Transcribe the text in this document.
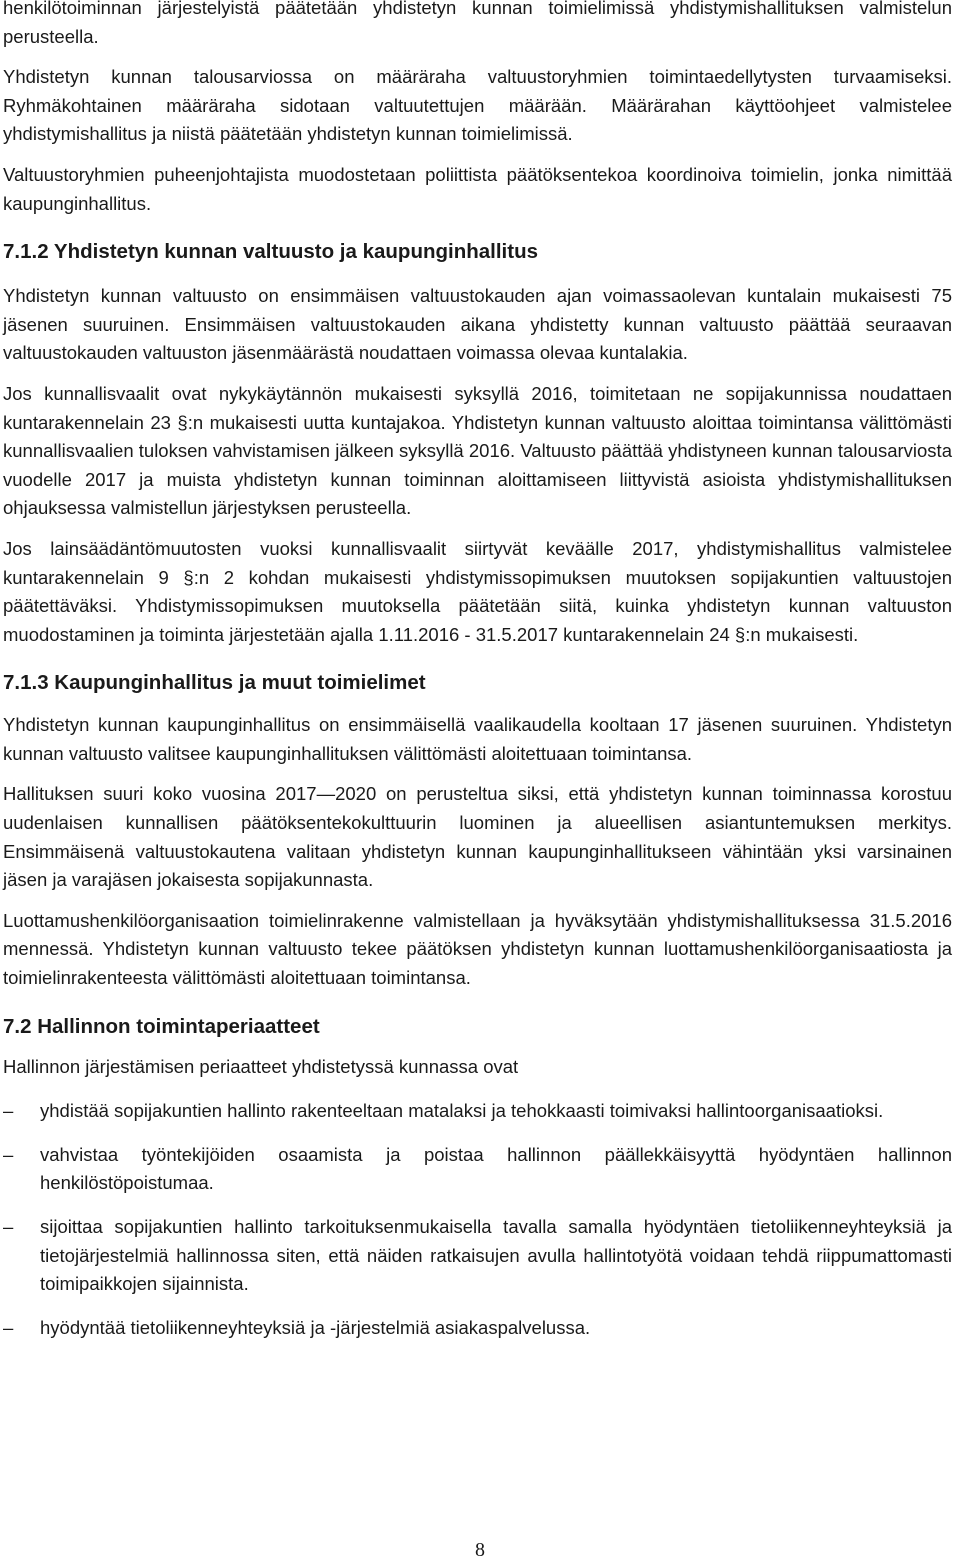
henkilötoiminnan järjestelyistä päätetään yhdistetyn kunnan toimielimissä yhdistymishallituksen valmistelun perusteella.

Yhdistetyn kunnan talousarviossa on määräraha valtuustoryhmien toimintaedellytysten turvaamiseksi. Ryhmäkohtainen määräraha sidotaan valtuutettujen määrään. Määrärahan käyttöohjeet valmistelee yhdistymishallitus ja niistä päätetään yhdistetyn kunnan toimielimissä.

Valtuustoryhmien puheenjohtajista muodostetaan poliittista päätöksentekoa koordinoiva toimielin, jonka nimittää kaupunginhallitus.

7.1.2 Yhdistetyn kunnan valtuusto ja kaupunginhallitus

Yhdistetyn kunnan valtuusto on ensimmäisen valtuustokauden ajan voimassaolevan kuntalain mukaisesti 75 jäsenen suuruinen. Ensimmäisen valtuustokauden aikana yhdistetty kunnan valtuusto päättää seuraavan valtuustokauden valtuuston jäsenmäärästä noudattaen voimassa olevaa kuntalakia.

Jos kunnallisvaalit ovat nykykäytännön mukaisesti syksyllä 2016, toimitetaan ne sopijakunnissa noudattaen kuntarakennelain 23 §:n mukaisesti uutta kuntajakoa. Yhdistetyn kunnan valtuusto aloittaa toimintansa välittömästi kunnallisvaalien tuloksen vahvistamisen jälkeen syksyllä 2016. Valtuusto päättää yhdistyneen kunnan talousarviosta vuodelle 2017 ja muista yhdistetyn kunnan toiminnan aloittamiseen liittyvistä asioista yhdistymishallituksen ohjauksessa valmistellun järjestyksen perusteella.

Jos lainsäädäntömuutosten vuoksi kunnallisvaalit siirtyvät keväälle 2017, yhdistymishallitus valmistelee kuntarakennelain 9 §:n 2 kohdan mukaisesti yhdistymissopimuksen muutoksen sopijakuntien valtuustojen päätettäväksi. Yhdistymissopimuksen muutoksella päätetään siitä, kuinka yhdistetyn kunnan valtuuston muodostaminen ja toiminta järjestetään ajalla 1.11.2016 - 31.5.2017 kuntarakennelain 24 §:n mukaisesti.

7.1.3 Kaupunginhallitus ja muut toimielimet

Yhdistetyn kunnan kaupunginhallitus on ensimmäisellä vaalikaudella kooltaan 17 jäsenen suuruinen. Yhdistetyn kunnan valtuusto valitsee kaupunginhallituksen välittömästi aloitettuaan toimintansa.

Hallituksen suuri koko vuosina 2017—2020 on perusteltua siksi, että yhdistetyn kunnan toiminnassa korostuu uudenlaisen kunnallisen päätöksentekokulttuurin luominen ja alueellisen asiantuntemuksen merkitys. Ensimmäisenä valtuustokautena valitaan yhdistetyn kunnan kaupunginhallitukseen vähintään yksi varsinainen jäsen ja varajäsen jokaisesta sopijakunnasta.

Luottamushenkilöorganisaation toimielinrakenne valmistellaan ja hyväksytään yhdistymishallituksessa 31.5.2016 mennessä. Yhdistetyn kunnan valtuusto tekee päätöksen yhdistetyn kunnan luottamushenkilöorganisaatiosta ja toimielinrakenteesta välittömästi aloitettuaan toimintansa.

7.2 Hallinnon toimintaperiaatteet

Hallinnon järjestämisen periaatteet yhdistetyssä kunnassa ovat

–	yhdistää sopijakuntien hallinto rakenteeltaan matalaksi ja tehokkaasti toimivaksi hallintoorganisaatioksi.
–	vahvistaa työntekijöiden osaamista ja poistaa hallinnon päällekkäisyyttä hyödyntäen hallinnon henkilöstöpoistumaa.
–	sijoittaa sopijakuntien hallinto tarkoituksenmukaisella tavalla samalla hyödyntäen tietoliikenneyhteyksiä ja tietojärjestelmiä hallinnossa siten, että näiden ratkaisujen avulla hallintotyötä voidaan tehdä riippumattomasti toimipaikkojen sijainnista.
–	hyödyntää tietoliikenneyhteyksiä ja -järjestelmiä asiakaspalvelussa.
8
